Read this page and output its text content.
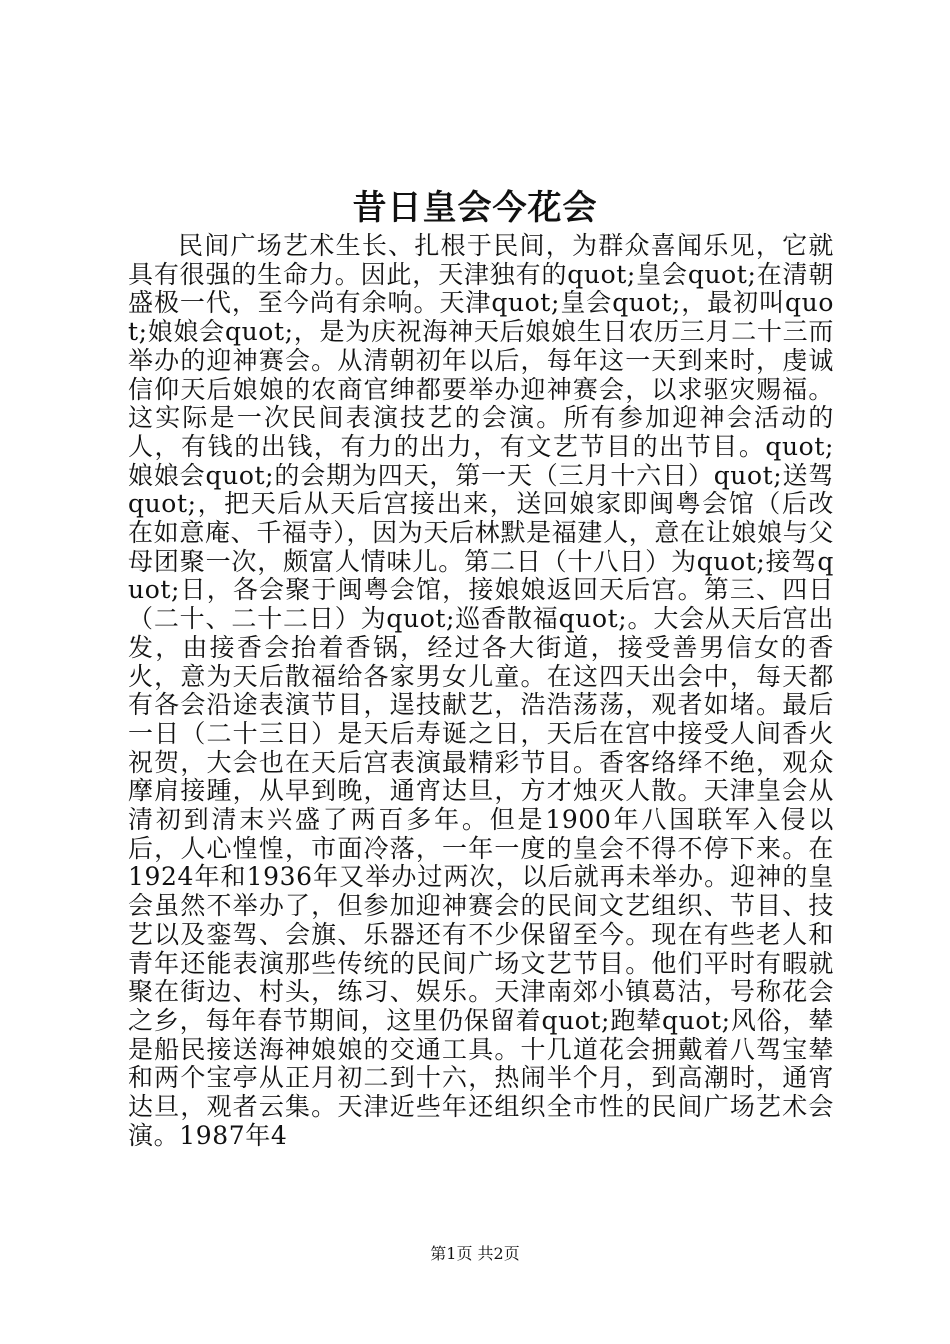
昔日皇会今花会

民间广场艺术生长、扎根于民间，为群众喜闻乐见，它就具有很强的生命力。因此，天津独有的quot;皇会quot;在清朝盛极一代，至今尚有余响。天津quot;皇会quot;，最初叫quot;娘娘会quot;，是为庆祝海神天后娘娘生日农历三月二十三而举办的迎神赛会。从清朝初年以后，每年这一天到来时，虔诚信仰天后娘娘的农商官绅都要举办迎神赛会，以求驱灾赐福。这实际是一次民间表演技艺的会演。所有参加迎神会活动的人，有钱的出钱，有力的出力，有文艺节目的出节目。quot;娘娘会quot;的会期为四天，第一天（三月十六日）quot;送驾quot;，把天后从天后宫接出来，送回娘家即闽粤会馆（后改在如意庵、千福寺），因为天后林默是福建人，意在让娘娘与父母团聚一次，颇富人情味儿。第二日（十八日）为quot;接驾quot;日，各会聚于闽粤会馆，接娘娘返回天后宫。第三、四日（二十、二十二日）为quot;巡香散福quot;。大会从天后宫出发，由接香会抬着香锅，经过各大街道，接受善男信女的香火，意为天后散福给各家男女儿童。在这四天出会中，每天都有各会沿途表演节目，逞技献艺，浩浩荡荡，观者如堵。最后一日（二十三日）是天后寿诞之日，天后在宫中接受人间香火祝贺，大会也在天后宫表演最精彩节目。香客络绎不绝，观众摩肩接踵，从早到晚，通宵达旦，方才烛灭人散。天津皇会从清初到清末兴盛了两百多年。但是1900年八国联军入侵以后，人心惶惶，市面冷落，一年一度的皇会不得不停下来。在1924年和1936年又举办过两次，以后就再未举办。迎神的皇会虽然不举办了，但参加迎神赛会的民间文艺组织、节目、技艺以及銮驾、会旗、乐器还有不少保留至今。现在有些老人和青年还能表演那些传统的民间广场文艺节目。他们平时有暇就聚在街边、村头，练习、娱乐。天津南郊小镇葛沽，号称花会之乡，每年春节期间，这里仍保留着quot;跑辇quot;风俗，辇是船民接送海神娘娘的交通工具。十几道花会拥戴着八驾宝辇和两个宝亭从正月初二到十六，热闹半个月，到高潮时，通宵达旦，观者云集。天津近些年还组织全市性的民间广场艺术会演。1987年4

第1页 共2页
